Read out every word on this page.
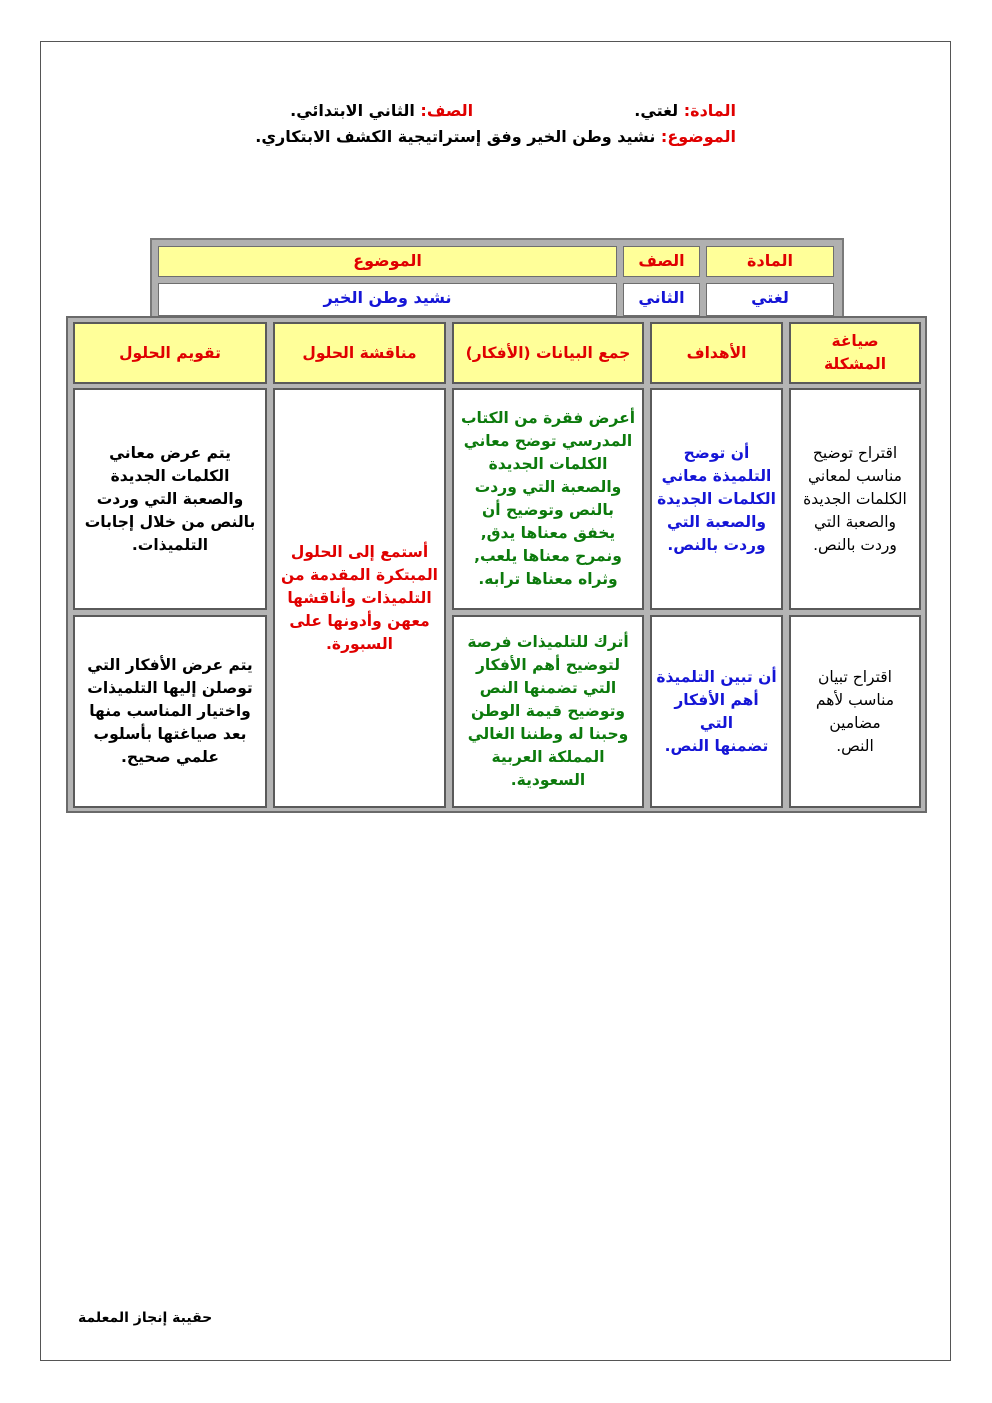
المادة: لغتي.  الصف: الثاني الابتدائي.
الموضوع: نشيد وطن الخير وفق إستراتيجية الكشف الابتكاري.
المادة
الصف
الموضوع
لغتي
الثاني
نشيد وطن الخير
صياغة
المشكلة
الأهداف
جمع البيانات (الأفكار)
مناقشة الحلول
تقويم الحلول
اقتراح توضيح
مناسب لمعاني
الكلمات الجديدة
والصعبة التي
وردت بالنص.
أن توضح
التلميذة معاني
الكلمات الجديدة
والصعبة التي
وردت بالنص.
أعرض فقرة من الكتاب
المدرسي توضح معاني
الكلمات الجديدة
والصعبة التي وردت
بالنص وتوضيح أن
يخفق معناها يدق,
ونمرح معناها يلعب,
وثراه معناها ترابه.
يتم عرض معاني
الكلمات الجديدة
والصعبة التي وردت
بالنص من خلال إجابات
التلميذات.	أستمع إلى الحلول
المبتكرة المقدمة من
التلميذات وأناقشها
معهن وأدونها على
السبورة.
اقتراح تبيان
مناسب لأهم
مضامين
النص.
أن تبين التلميذة
أهم الأفكار التي
تضمنها النص.
أترك للتلميذات فرصة
لتوضيح أهم الأفكار
التي تضمنها النص
وتوضيح قيمة الوطن
وحبنا له وطننا الغالي
المملكة العربية
السعودية.
يتم عرض الأفكار التي
توصلن إليها التلميذات
واختيار المناسب منها
بعد صياغتها بأسلوب
علمي صحيح.
حقيبة إنجاز المعلمة
